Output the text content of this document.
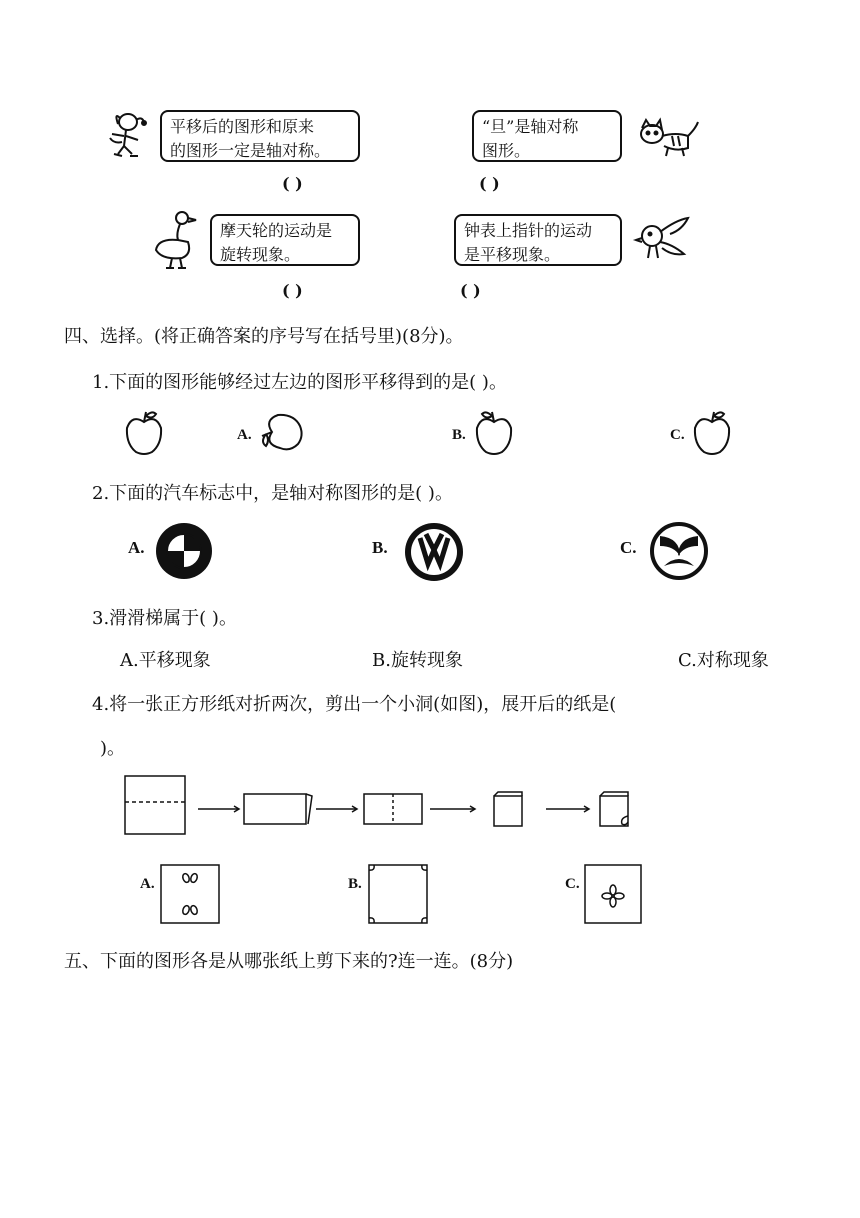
平移后的图形和原来
的图形一定是轴对称。
( )
“旦”是轴对称
图形。
( )
摩天轮的运动是
旋转现象。
( )
钟表上指针的运动
是平移现象。
( )
四、选择。(将正确答案的序号写在括号里)(8分)。
1.下面的图形能够经过左边的图形平移得到的是( )。
A.	B.	C.
2.下面的汽车标志中，是轴对称图形的是( )。
A.	B.	C.
3.滑滑梯属于( )。
A.平移现象	B.旋转现象	C.对称现象
4.将一张正方形纸对折两次，剪出一个小洞(如图)，展开后的纸是(
)。
A.	B.	C.
五、下面的图形各是从哪张纸上剪下来的?连一连。(8分)
